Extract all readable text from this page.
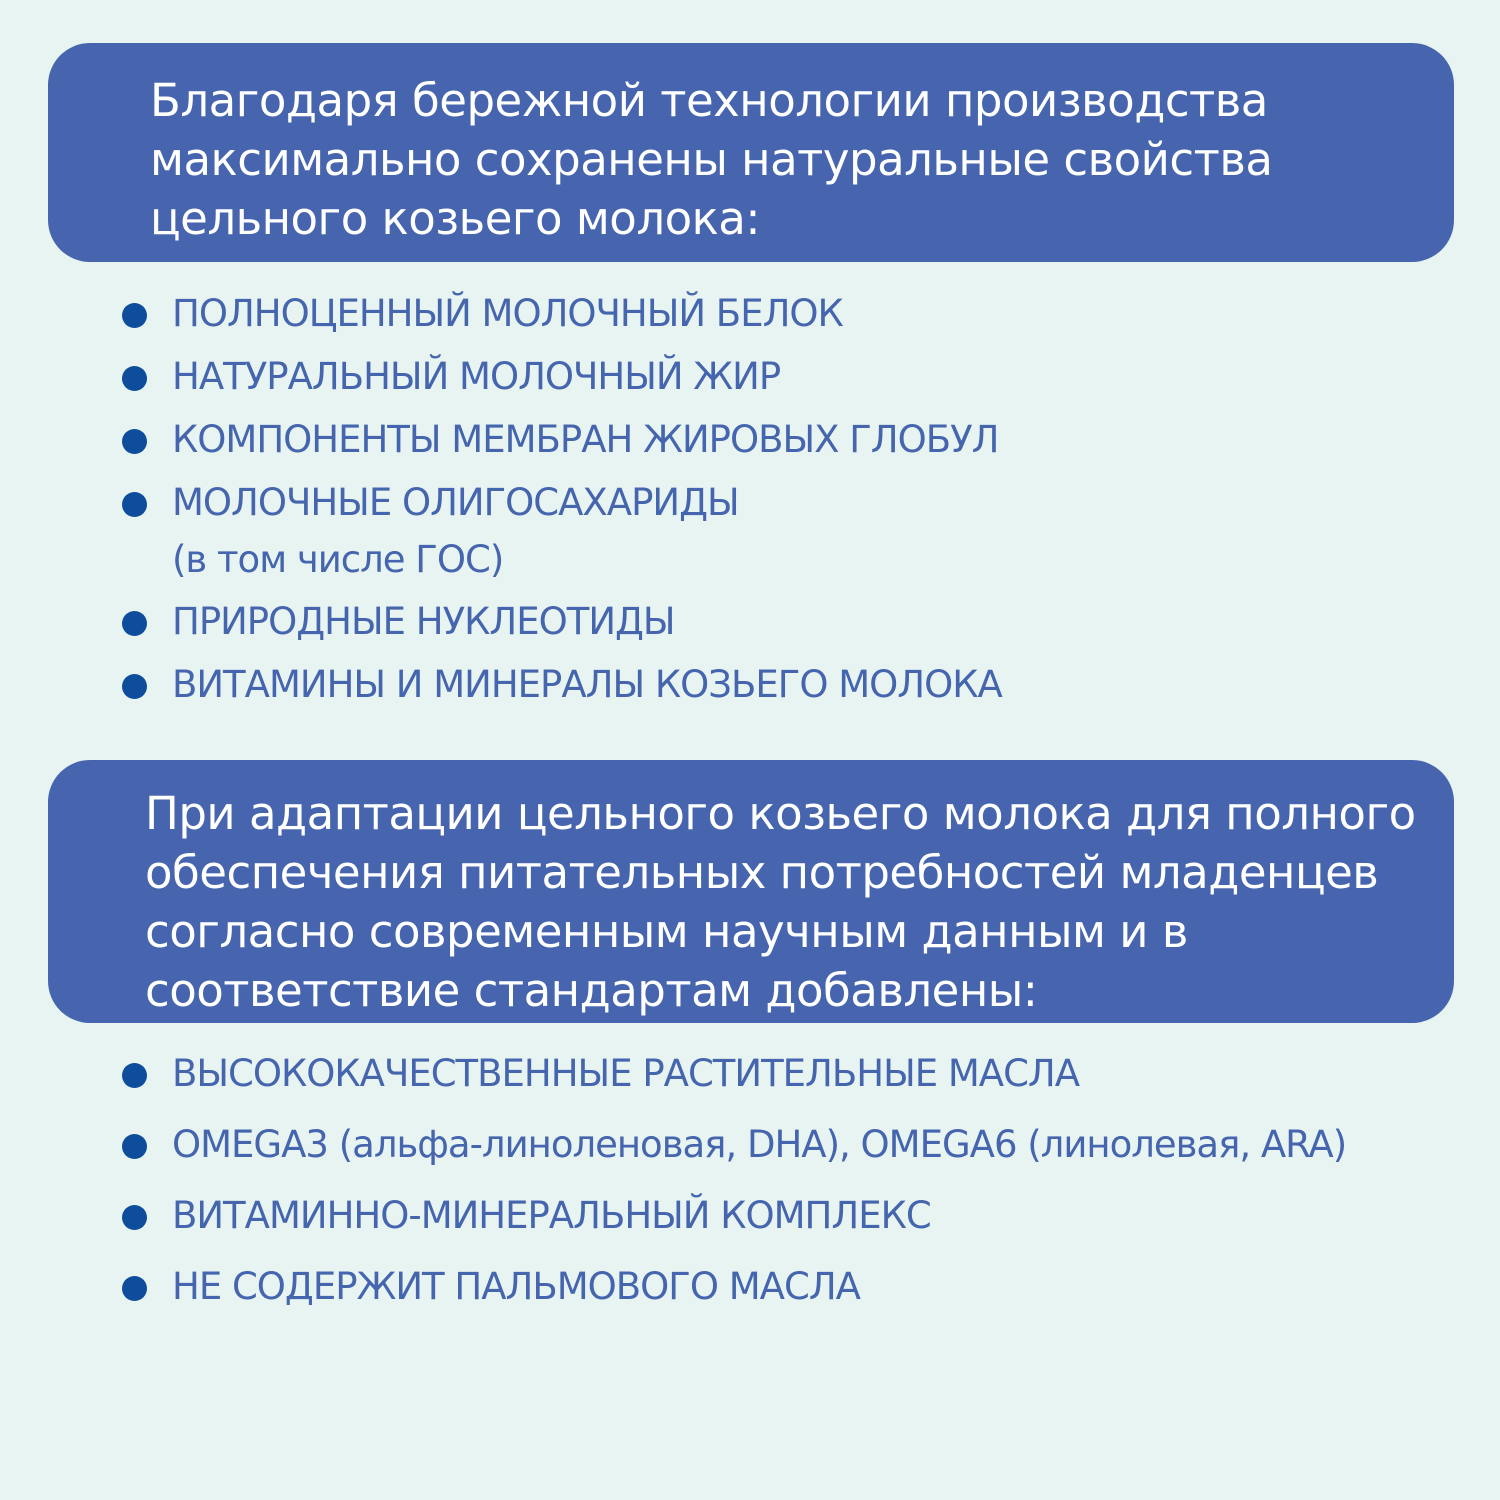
Благодаря бережной технологии производства
максимально сохранены натуральные свойства
цельного козьего молока:
ПОЛНОЦЕННЫЙ МОЛОЧНЫЙ БЕЛОК
НАТУРАЛЬНЫЙ МОЛОЧНЫЙ ЖИР
КОМПОНЕНТЫ МЕМБРАН ЖИРОВЫХ ГЛОБУЛ
МОЛОЧНЫЕ ОЛИГОСАХАРИДЫ
(в том числе ГОС)
ПРИРОДНЫЕ НУКЛЕОТИДЫ
ВИТАМИНЫ И МИНЕРАЛЫ КОЗЬЕГО МОЛОКА
При адаптации цельного козьего молока для полного
обеспечения питательных потребностей младенцев
согласно современным научным данным и в
соответствие стандартам добавлены:
ВЫСОКОКАЧЕСТВЕННЫЕ РАСТИТЕЛЬНЫЕ МАСЛА
OMEGA3 (альфа-линоленовая, DHA), OMEGA6 (линолевая, ARA)
ВИТАМИННО-МИНЕРАЛЬНЫЙ КОМПЛЕКС
НЕ СОДЕРЖИТ ПАЛЬМОВОГО МАСЛА
